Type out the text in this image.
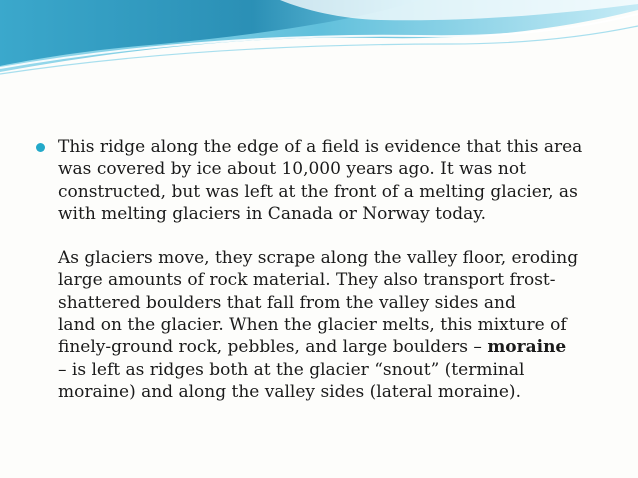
This ridge along the edge of a field is evidence that this area
was covered by ice about 10,000 years ago. It was not
constructed, but was left at the front of a melting glacier, as
with melting glaciers in Canada or Norway today.
As glaciers move, they scrape along the valley floor, eroding
large amounts of rock material. They also transport frost-
shattered boulders that fall from the valley sides and
land on the glacier. When the glacier melts, this mixture of
finely-ground rock, pebbles, and large boulders – moraine
– is left as ridges both at the glacier “snout” (terminal
moraine) and along the valley sides (lateral moraine).
